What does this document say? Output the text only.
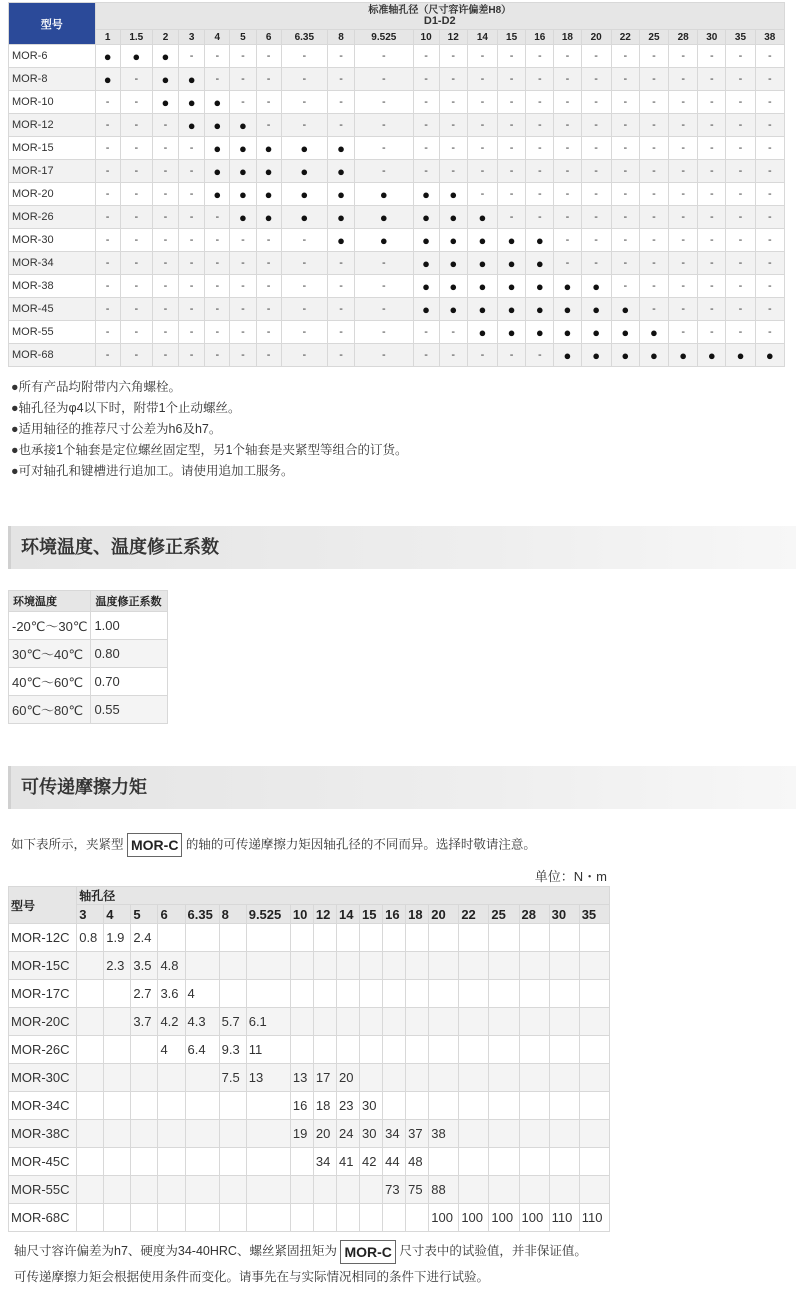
型号	标准轴孔径（尺寸容许偏差H8）
D1-D2																						

	1	1.5	2	3	4	5	6	6.35	8	9.525	10	12	14	15	16	18	20	22	25	28	30	35	38
MOR-6	●	●	●	-	-	-	-	-	-	-	-	-	-	-	-	-	-	-	-	-	-	-	-
MOR-8	●	-	●	●	-	-	-	-	-	-	-	-	-	-	-	-	-	-	-	-	-	-	-
MOR-10	-	-	●	●	●	-	-	-	-	-	-	-	-	-	-	-	-	-	-	-	-	-	-
MOR-12	-	-	-	●	●	●	-	-	-	-	-	-	-	-	-	-	-	-	-	-	-	-	-
MOR-15	-	-	-	-	●	●	●	●	●	-	-	-	-	-	-	-	-	-	-	-	-	-	-
MOR-17	-	-	-	-	●	●	●	●	●	-	-	-	-	-	-	-	-	-	-	-	-	-	-
MOR-20	-	-	-	-	●	●	●	●	●	●	●	●	-	-	-	-	-	-	-	-	-	-	-
MOR-26	-	-	-	-	-	●	●	●	●	●	●	●	●	-	-	-	-	-	-	-	-	-	-
MOR-30	-	-	-	-	-	-	-	-	●	●	●	●	●	●	●	-	-	-	-	-	-	-	-
MOR-34	-	-	-	-	-	-	-	-	-	-	●	●	●	●	●	-	-	-	-	-	-	-	-
MOR-38	-	-	-	-	-	-	-	-	-	-	●	●	●	●	●	●	●	-	-	-	-	-	-
MOR-45	-	-	-	-	-	-	-	-	-	-	●	●	●	●	●	●	●	●	-	-	-	-	-
MOR-55	-	-	-	-	-	-	-	-	-	-	-	-	●	●	●	●	●	●	●	-	-	-	-
MOR-68	-	-	-	-	-	-	-	-	-	-	-	-	-	-	-	●	●	●	●	●	●	●	●
●所有产品均附带内六角螺栓。
●轴孔径为φ4以下时，附带1个止动螺丝。
●适用轴径的推荐尺寸公差为h6及h7。
●也承接1个轴套是定位螺丝固定型，另1个轴套是夹紧型等组合的订货。
●可对轴孔和键槽进行追加工。请使用追加工服务。
环境温度、温度修正系数
环境温度	温度修正系数
-20℃～30℃	1.00
30℃～40℃	0.80
40℃～60℃	0.70
60℃～80℃	0.55
可传递摩擦力矩
如下表所示，夹紧型 MOR-C 的轴的可传递摩擦力矩因轴孔径的不同而异。选择时敬请注意。
单位：N・m
型号	轴孔径																		
	3	4	5	6	6.35	8	9.525	10	12	14	15	16	18	20	22	25	28	30	35
MOR-12C	0.8	1.9	2.4																
MOR-15C		2.3	3.5	4.8															
MOR-17C			2.7	3.6	4														
MOR-20C			3.7	4.2	4.3	5.7	6.1												
MOR-26C				4	6.4	9.3	11												
MOR-30C						7.5	13	13	17	20									
MOR-34C								16	18	23	30								
MOR-38C								19	20	24	30	34	37	38					
MOR-45C									34	41	42	44	48						
MOR-55C												73	75	88					
MOR-68C														100	100	100	100	110	110
轴尺寸容许偏差为h7、硬度为34-40HRC、螺丝紧固扭矩为 MOR-C 尺寸表中的试验值，并非保证值。
可传递摩擦力矩会根据使用条件而变化。请事先在与实际情况相同的条件下进行试验。
